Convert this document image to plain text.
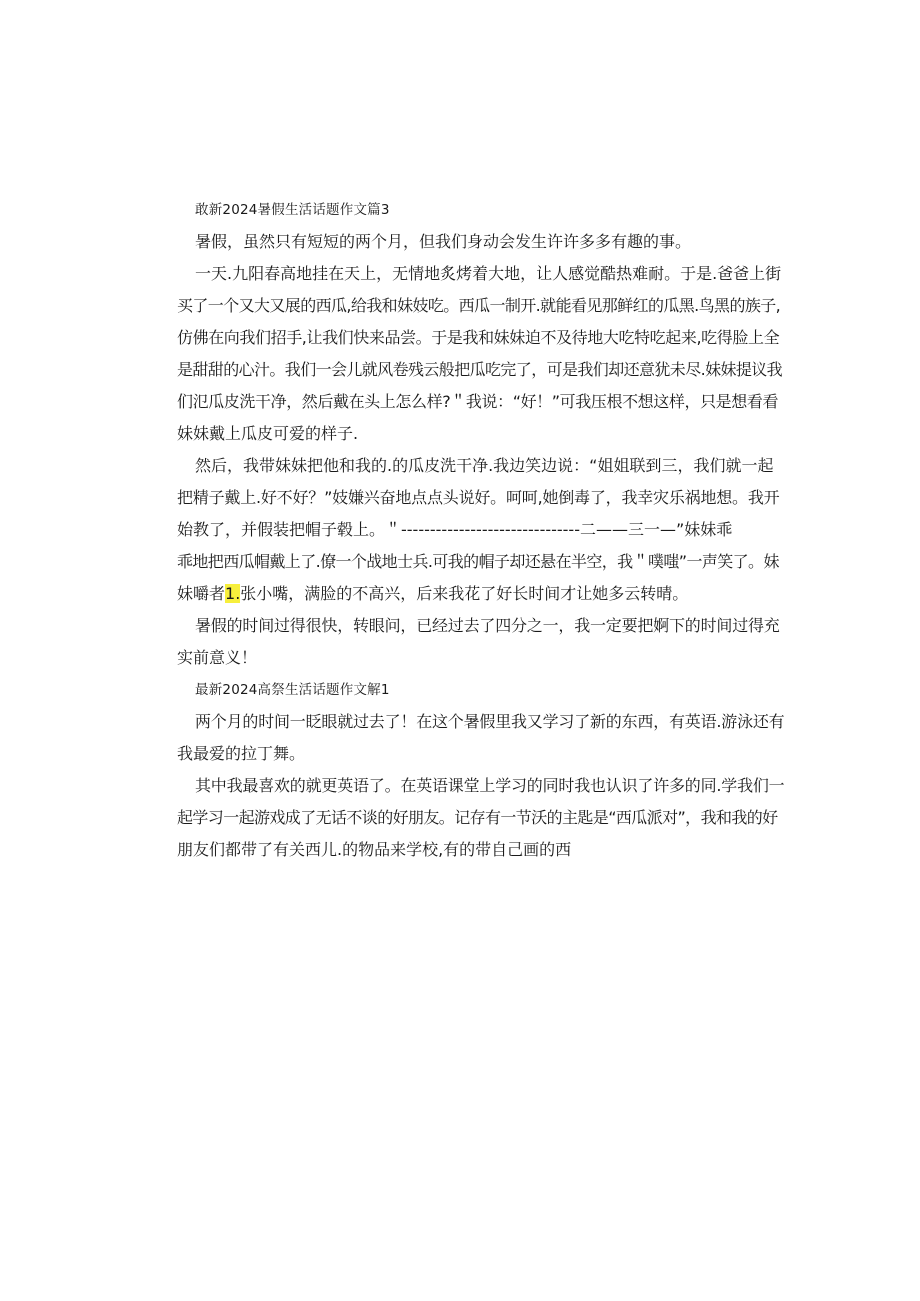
敢新2024暑假生活话题作文篇3
暑假，虽然只有短短的两个月，但我们身动会发生许许多多有趣的事。
一天.九阳春高地挂在天上，无情地炙烤着大地，让人感觉酷热难耐。于是.爸爸上街
买了一个又大又展的西瓜,给我和妹妓吃。西瓜一制开.就能看见那鲜红的瓜黑.鸟黑的族子,
仿佛在向我们招手,让我们快来品尝。于是我和妹妹迫不及待地大吃特吃起来,吃得脸上全
是甜甜的心汁。我们一会儿就风卷残云般把瓜吃完了，可是我们却还意犹未尽.妹妹提议我
们氾瓜皮洗干净，然后戴在头上怎么样?＂我说：“好！”可我压根不想这样，只是想看看
妹妹戴上瓜皮可爱的样子.
然后，我带妹妹把他和我的.的瓜皮洗干净.我边笑边说：“姐姐联到三，我们就一起
把精子戴上.好不好？”妓嫌兴奋地点点头说好。呵呵,她倒毒了，我幸灾乐祸地想。我开
始教了，并假装把帽子毂上。＂-------------------------------二——三一—”妹妹乖
乖地把西瓜帽戴上了.僚一个战地士兵.可我的帽子却还悬在半空，我＂噗嗤”一声笑了。妹
妹嚼者1.张小嘴，满脸的不高兴，后来我花了好长时间才让她多云转晴。
暑假的时间过得很快，转眼问，已经过去了四分之一，我一定要把婀下的时间过得充
实前意义！
最新2024高祭生活话题作文解1
两个月的时间一眨眼就过去了！在这个暑假里我又学习了新的东西，有英语.游泳还有
我最爱的拉丁舞。
其中我最喜欢的就更英语了。在英语课堂上学习的同时我也认识了许多的同.学我们一
起学习一起游戏成了无话不谈的好朋友。记存有一节沃的主匙是“西瓜派对”，我和我的好
朋友们都带了有关西儿.的物品来学校,有的带自己画的西
